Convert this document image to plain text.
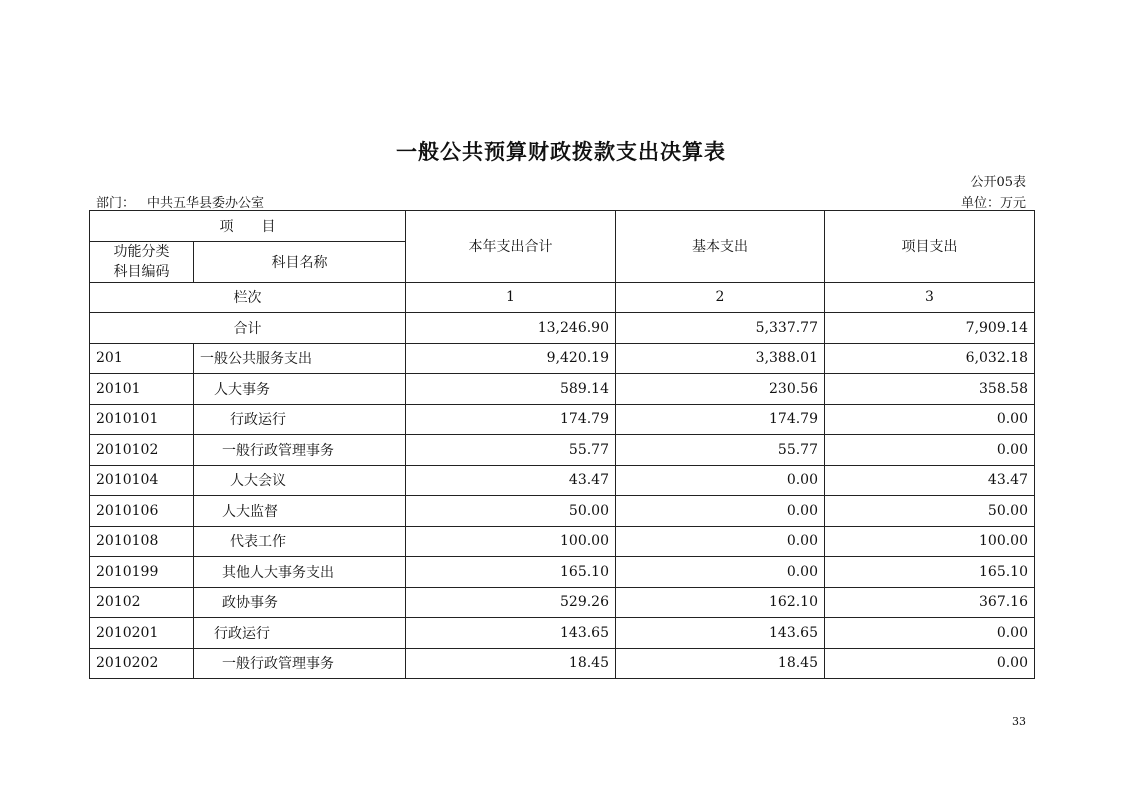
一般公共预算财政拨款支出决算表
公开05表
部门： 中共五华县委办公室	单位：万元
项　　目		本年支出合计	基本支出	项目支出

功能分类
科目编码	科目名称			
栏次		1	2	3
合计		13,246.90	5,337.77	7,909.14
201	一般公共服务支出	9,420.19	3,388.01	6,032.18
20101	人大事务	589.14	230.56	358.58
2010101	行政运行	174.79	174.79	0.00
2010102	一般行政管理事务	55.77	55.77	0.00
2010104	人大会议	43.47	0.00	43.47
2010106	人大监督	50.00	0.00	50.00
2010108	代表工作	100.00	0.00	100.00
2010199	其他人大事务支出	165.10	0.00	165.10
20102	政协事务	529.26	162.10	367.16
2010201	行政运行	143.65	143.65	0.00
2010202	一般行政管理事务	18.45	18.45	0.00
33
